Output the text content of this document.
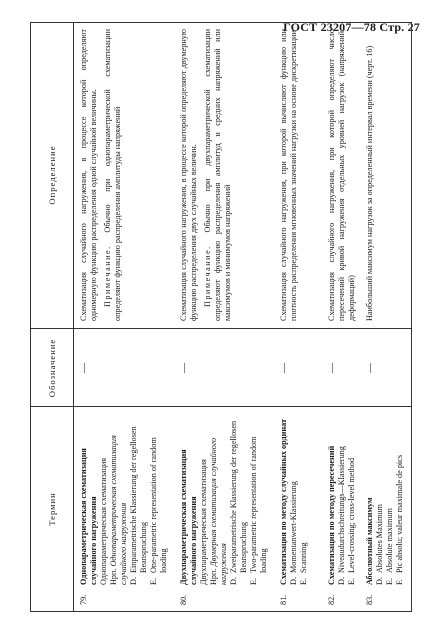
ГОСТ 23207—78 Стр. 27
Термин
Обозначение
Определение
79.
Однопараметрическая схематизация случайного нагружения Однопараметрическая схематизация Нрп. Однопараметрическая схематизация случайного нагружения D.
Einparametrische Klassierung der regellosen Beanspruchung
E.
One-parametric representation of random loading
—
Схематизация случайного нагружения, в процессе которой определяют одномерную функцию распределения одной случайной величины. Примечание. Обычно при однопараметрической схематизации определяют функцию распределения амплитуды напряжений
80.
Двухпараметрическая схематизация случайного нагружения Двухпараметрическая схематизация Нрп. Двумерная схематизация случайного нагружения D.
Zweiparametrische Klassierung der regellosen Beanspruchung
E.
Two-parametric representation of random loading
—
Схематизация случайного нагружения, в процессе которой определяют двумерную функцию распределения двух случайных величин. Примечание. Обычно при двухпараметрической схематизации определяют функцию распределения амплитуд и средних напряжений или максимумов и минимумов напряжений
81.
Схематизация по методу случайных ординат D.
Momentanwert-Klassierung
E.
Scanning
—
Схематизация случайного нагружения, при которой вычисляют функцию или плотность распределения мгновенных значений нагрузки на основе дискретизации
82.
Схематизация по методу пересечений D.
Niveaudurchschreitungs—Klassierung
E.
Level-crossing; cross-level method
—
Схематизация случайного нагружения, при которой определяют число пересечений кривой нагружения отдельных уровней нагрузок (напряжений, деформаций)
83.
Абсолютный максимум D.
Absolutes Maximum
E.
Absolute maximum
F.
Pic absolu; valeur maximale de pics
—
Наибольший максимум нагрузок за определенный интервал времени (черт. 16)
